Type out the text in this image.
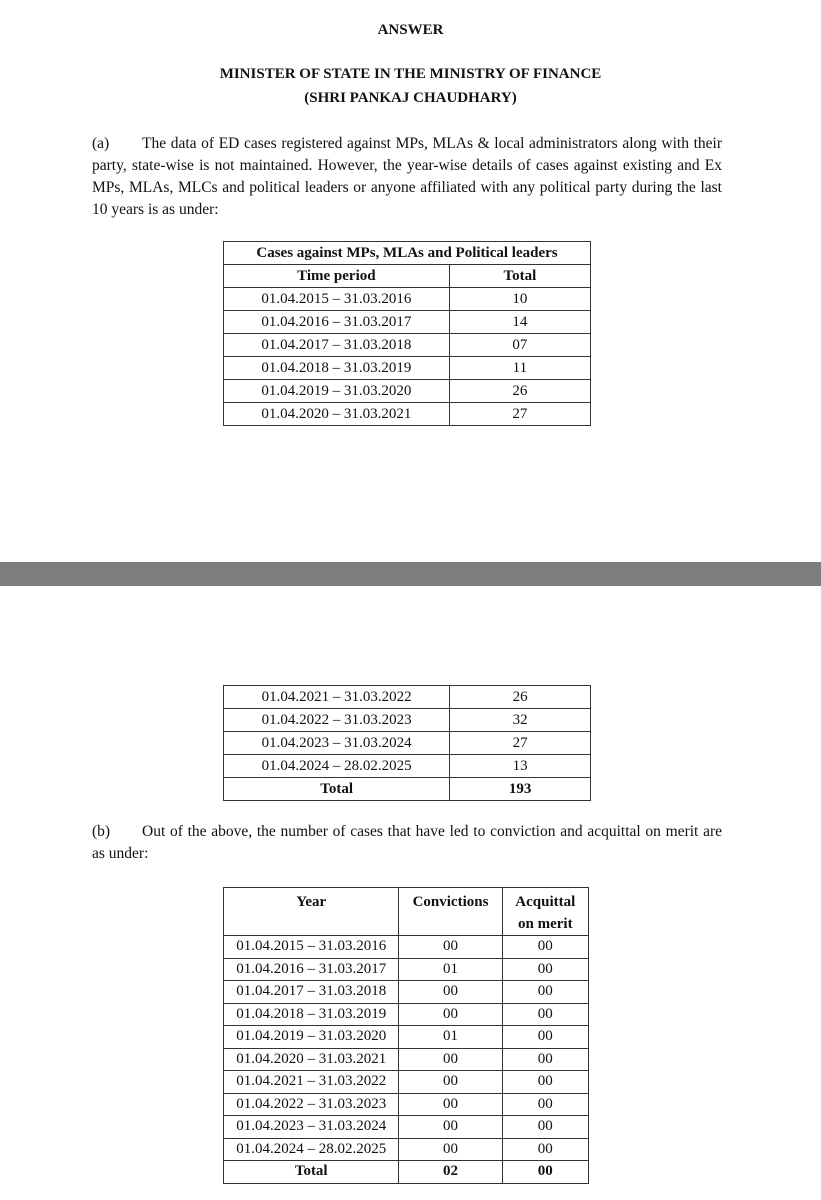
ANSWER
MINISTER OF STATE IN THE MINISTRY OF FINANCE
(SHRI PANKAJ CHAUDHARY)
(a) The data of ED cases registered against MPs, MLAs & local administrators along with their party, state-wise is not maintained. However, the year-wise details of cases against existing and Ex MPs, MLAs, MLCs and political leaders or anyone affiliated with any political party during the last 10 years is as under:
Cases against MPs, MLAs and Political leaders	
Time period	Total
01.04.2015 – 31.03.2016	10
01.04.2016 – 31.03.2017	14
01.04.2017 – 31.03.2018	07
01.04.2018 – 31.03.2019	11
01.04.2019 – 31.03.2020	26
01.04.2020 – 31.03.2021	27
01.04.2021 – 31.03.2022	26
01.04.2022 – 31.03.2023	32
01.04.2023 – 31.03.2024	27
01.04.2024 – 28.02.2025	13
Total	193
(b) Out of the above, the number of cases that have led to conviction and acquittal on merit are as under:
Year	Convictions	Acquittal on merit
01.04.2015 – 31.03.2016	00	00
01.04.2016 – 31.03.2017	01	00
01.04.2017 – 31.03.2018	00	00
01.04.2018 – 31.03.2019	00	00
01.04.2019 – 31.03.2020	01	00
01.04.2020 – 31.03.2021	00	00
01.04.2021 – 31.03.2022	00	00
01.04.2022 – 31.03.2023	00	00
01.04.2023 – 31.03.2024	00	00
01.04.2024 – 28.02.2025	00	00
Total	02	00
